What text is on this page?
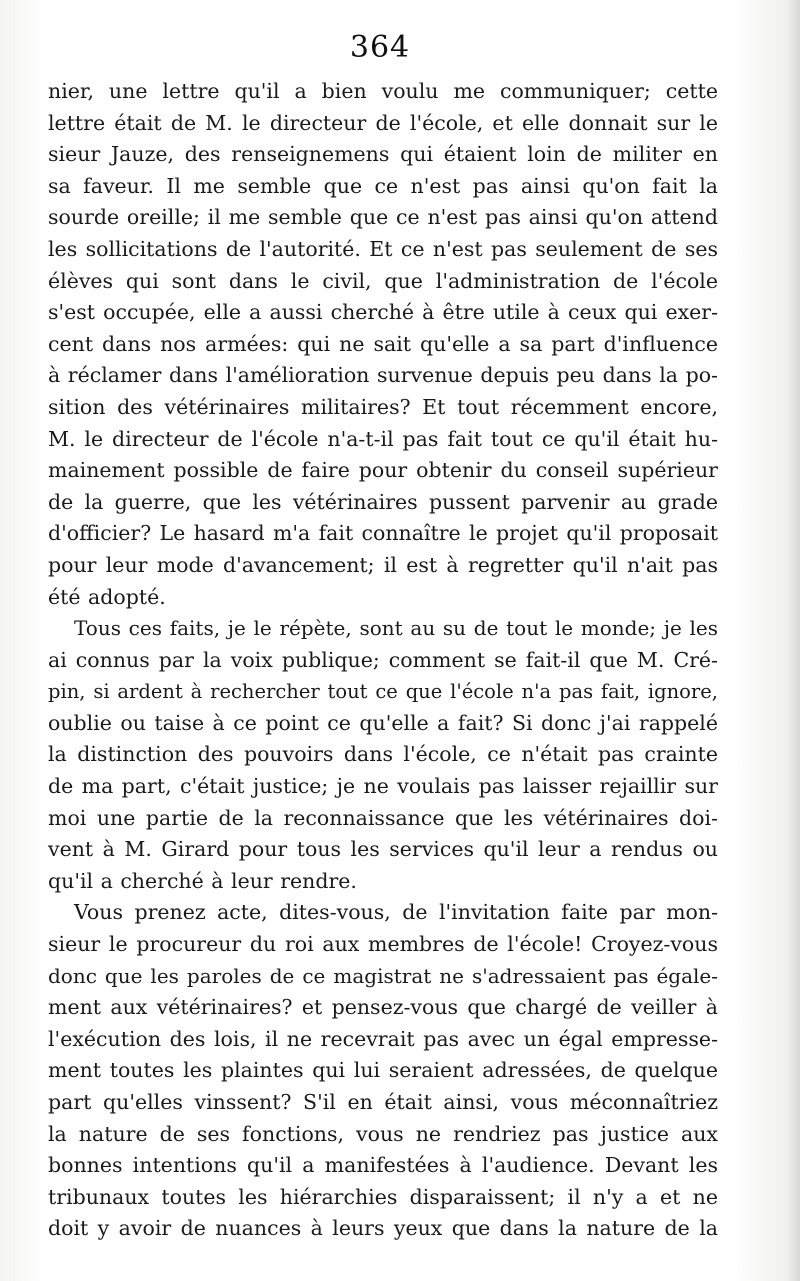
364
nier, une lettre qu'il a bien voulu me communiquer; cette
lettre était de M. le directeur de l'école, et elle donnait sur le
sieur Jauze, des renseignemens qui étaient loin de militer en
sa faveur. Il me semble que ce n'est pas ainsi qu'on fait la
sourde oreille; il me semble que ce n'est pas ainsi qu'on attend
les sollicitations de l'autorité. Et ce n'est pas seulement de ses
élèves qui sont dans le civil, que l'administration de l'école
s'est occupée, elle a aussi cherché à être utile à ceux qui exer-
cent dans nos armées: qui ne sait qu'elle a sa part d'influence
à réclamer dans l'amélioration survenue depuis peu dans la po-
sition des vétérinaires militaires? Et tout récemment encore,
M. le directeur de l'école n'a-t-il pas fait tout ce qu'il était hu-
mainement possible de faire pour obtenir du conseil supérieur
de la guerre, que les vétérinaires pussent parvenir au grade
d'officier? Le hasard m'a fait connaître le projet qu'il proposait
pour leur mode d'avancement; il est à regretter qu'il n'ait pas
été adopté.
Tous ces faits, je le répète, sont au su de tout le monde; je les
ai connus par la voix publique; comment se fait-il que M. Cré-
pin, si ardent à rechercher tout ce que l'école n'a pas fait, ignore,
oublie ou taise à ce point ce qu'elle a fait? Si donc j'ai rappelé
la distinction des pouvoirs dans l'école, ce n'était pas crainte
de ma part, c'était justice; je ne voulais pas laisser rejaillir sur
moi une partie de la reconnaissance que les vétérinaires doi-
vent à M. Girard pour tous les services qu'il leur a rendus ou
qu'il a cherché à leur rendre.
Vous prenez acte, dites-vous, de l'invitation faite par mon-
sieur le procureur du roi aux membres de l'école! Croyez-vous
donc que les paroles de ce magistrat ne s'adressaient pas égale-
ment aux vétérinaires? et pensez-vous que chargé de veiller à
l'exécution des lois, il ne recevrait pas avec un égal empresse-
ment toutes les plaintes qui lui seraient adressées, de quelque
part qu'elles vinssent? S'il en était ainsi, vous méconnaîtriez
la nature de ses fonctions, vous ne rendriez pas justice aux
bonnes intentions qu'il a manifestées à l'audience. Devant les
tribunaux toutes les hiérarchies disparaissent; il n'y a et ne
doit y avoir de nuances à leurs yeux que dans la nature de la
